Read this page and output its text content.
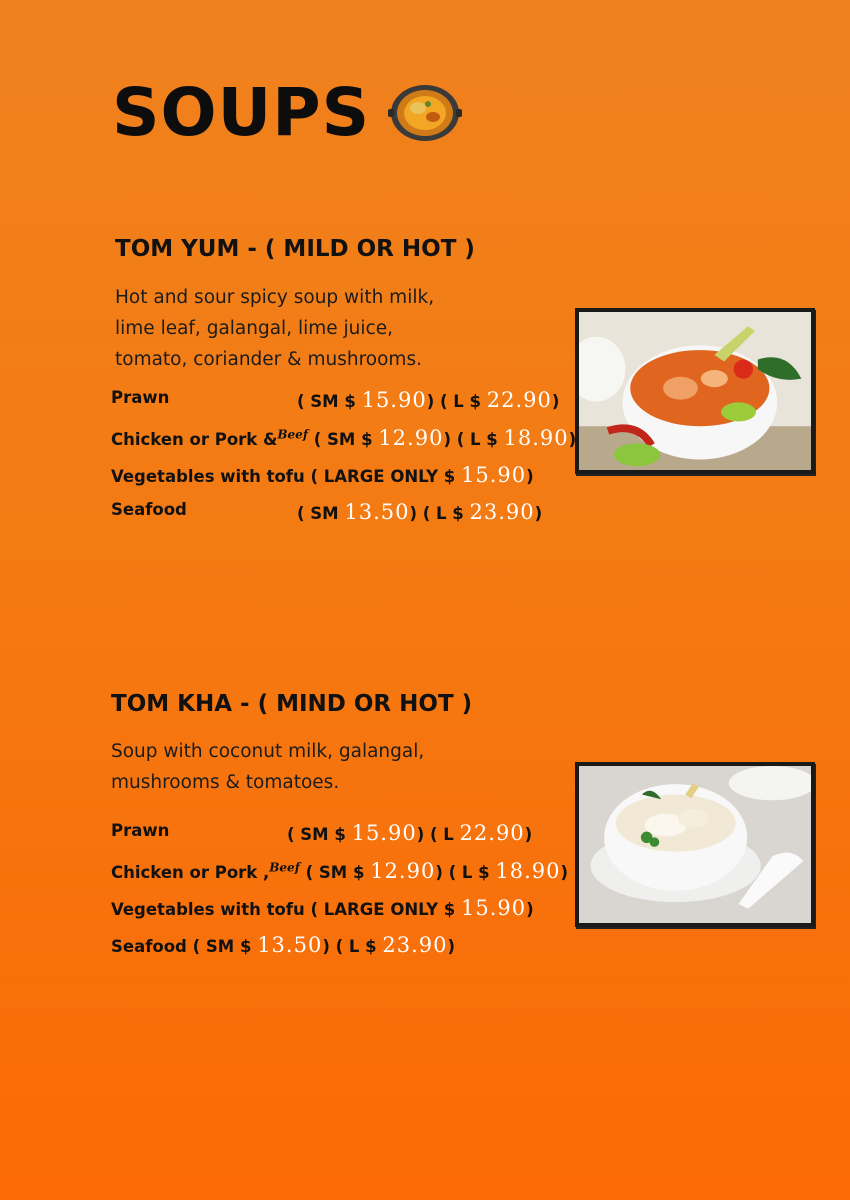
SOUPS
TOM YUM - ( MILD OR HOT )
Hot and sour spicy soup with milk,
lime leaf, galangal, lime juice,
tomato, coriander & mushrooms.
Prawn	( SM $ 15.90) ( L $ 22.90)
Chicken or Pork &$^{Beef}$ ( SM $ 12.90) ( L $ 18.90)
Vegetables with tofu ( LARGE ONLY $ 15.90)
Seafood	( SM 13.50) ( L $ 23.90)
TOM KHA - ( MIND OR HOT )
Soup with coconut milk, galangal,
mushrooms & tomatoes.
Prawn	( SM $ 15.90) ( L 22.90)
Chicken or Pork ,$^{Beef}$ ( SM $ 12.90) ( L $ 18.90)
Vegetables with tofu ( LARGE ONLY $ 15.90)
Seafood ( SM $ 13.50) ( L $ 23.90)
